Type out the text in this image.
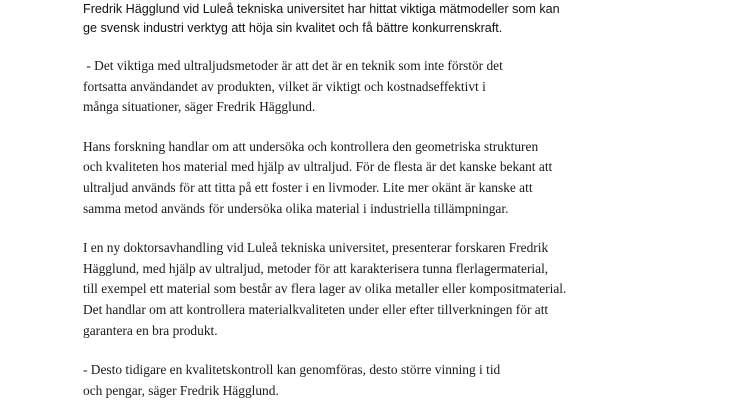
Fredrik Hägglund vid Luleå tekniska universitet har hittat viktiga mätmodeller som kan
ge svensk industri verktyg att höja sin kvalitet och få bättre konkurrenskraft.

- Det viktiga med ultraljudsmetoder är att det är en teknik som inte förstör det
fortsatta användandet av produkten, vilket är viktigt och kostnadseffektivt i
många situationer, säger Fredrik Hägglund.

Hans forskning handlar om att undersöka och kontrollera den geometriska strukturen
och kvaliteten hos material med hjälp av ultraljud. För de flesta är det kanske bekant att
ultraljud används för att titta på ett foster i en livmoder. Lite mer okänt är kanske att
samma metod används för undersöka olika material i industriella tillämpningar.

I en ny doktorsavhandling vid Luleå tekniska universitet, presenterar forskaren Fredrik
Hägglund, med hjälp av ultraljud, metoder för att karakterisera tunna flerlagermaterial,
till exempel ett material som består av flera lager av olika metaller eller kompositmaterial.
Det handlar om att kontrollera materialkvaliteten under eller efter tillverkningen för att
garantera en bra produkt.

- Desto tidigare en kvalitetskontroll kan genomföras, desto större vinning i tid
och pengar, säger Fredrik Hägglund.
